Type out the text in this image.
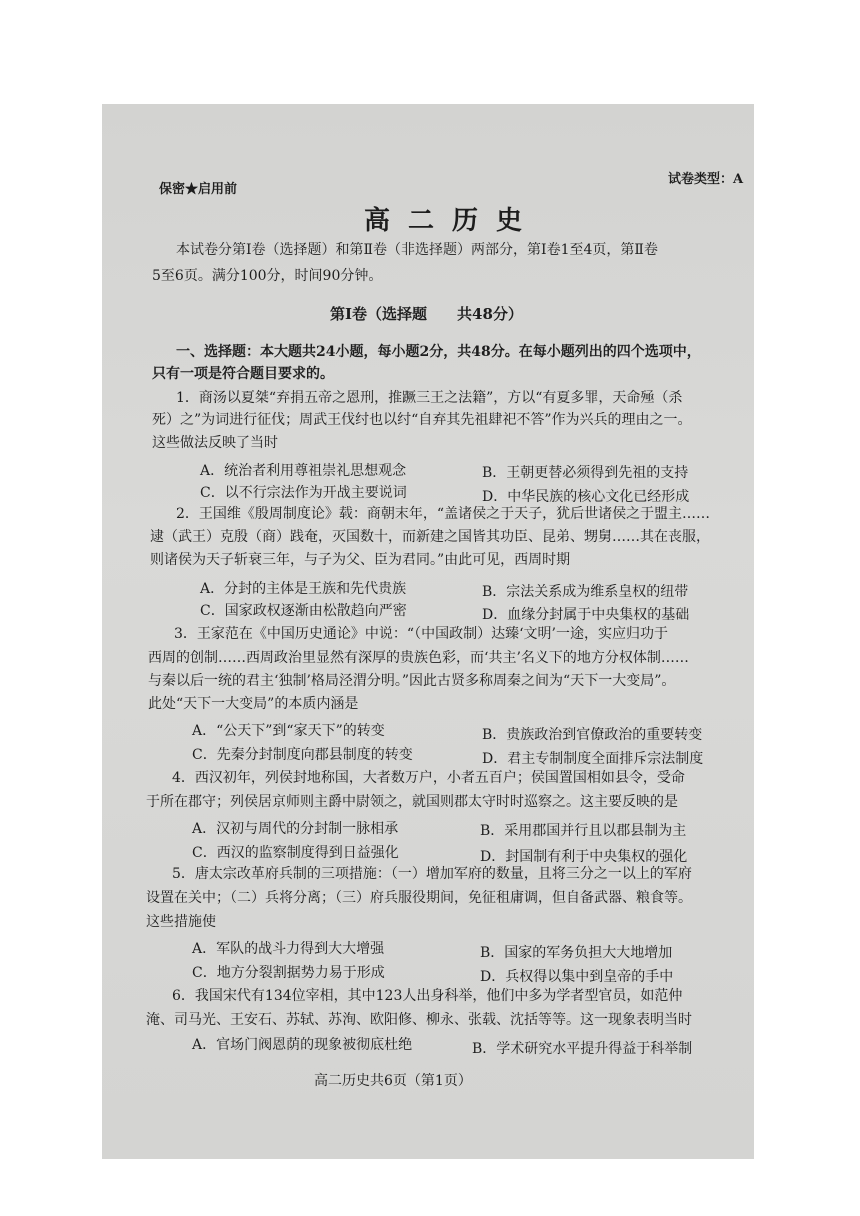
保密★启用前
试卷类型：A
高二历史
本试卷分第Ⅰ卷（选择题）和第Ⅱ卷（非选择题）两部分，第Ⅰ卷1至4页，第Ⅱ卷
5至6页。满分100分，时间90分钟。
第Ⅰ卷（选择题　　共48分）
一、选择题：本大题共24小题，每小题2分，共48分。在每小题列出的四个选项中，
只有一项是符合题目要求的。
1．商汤以夏桀“弃捐五帝之恩刑，推蹶三王之法籍”，方以“有夏多罪，天命殛（杀
死）之”为词进行征伐；周武王伐纣也以纣“自弃其先祖肆祀不答”作为兴兵的理由之一。
这些做法反映了当时
A．统治者利用尊祖崇礼思想观念	B．王朝更替必须得到先祖的支持
C．以不行宗法作为开战主要说词	D．中华民族的核心文化已经形成
2．王国维《殷周制度论》载：商朝末年，“盖诸侯之于天子，犹后世诸侯之于盟主……
逮（武王）克殷（商）践奄，灭国数十，而新建之国皆其功臣、昆弟、甥舅……其在丧服，
则诸侯为天子斩衰三年，与子为父、臣为君同。”由此可见，西周时期
A．分封的主体是王族和先代贵族	B．宗法关系成为维系皇权的纽带
C．国家政权逐渐由松散趋向严密	D．血缘分封属于中央集权的基础
3．王家范在《中国历史通论》中说：“（中国政制）达臻‘文明’一途，实应归功于
西周的创制……西周政治里显然有深厚的贵族色彩，而‘共主’名义下的地方分权体制……
与秦以后一统的君主‘独制’格局泾渭分明。”因此古贤多称周秦之间为“天下一大变局”。
此处“天下一大变局”的本质内涵是
A．“公天下”到“家天下”的转变	B．贵族政治到官僚政治的重要转变
C．先秦分封制度向郡县制度的转变	D．君主专制制度全面排斥宗法制度
4．西汉初年，列侯封地称国，大者数万户，小者五百户；侯国置国相如县令，受命
于所在郡守；列侯居京师则主爵中尉领之，就国则郡太守时时巡察之。这主要反映的是
A．汉初与周代的分封制一脉相承	B．采用郡国并行且以郡县制为主
C．西汉的监察制度得到日益强化	D．封国制有利于中央集权的强化
5．唐太宗改革府兵制的三项措施：（一）增加军府的数量，且将三分之一以上的军府
设置在关中；（二）兵将分离；（三）府兵服役期间，免征租庸调，但自备武器、粮食等。
这些措施使
A．军队的战斗力得到大大增强	B．国家的军务负担大大地增加
C．地方分裂割据势力易于形成	D．兵权得以集中到皇帝的手中
6．我国宋代有134位宰相，其中123人出身科举，他们中多为学者型官员，如范仲
淹、司马光、王安石、苏轼、苏洵、欧阳修、柳永、张载、沈括等等。这一现象表明当时
A．官场门阀恩荫的现象被彻底杜绝	B．学术研究水平提升得益于科举制
高二历史共6页（第1页）
